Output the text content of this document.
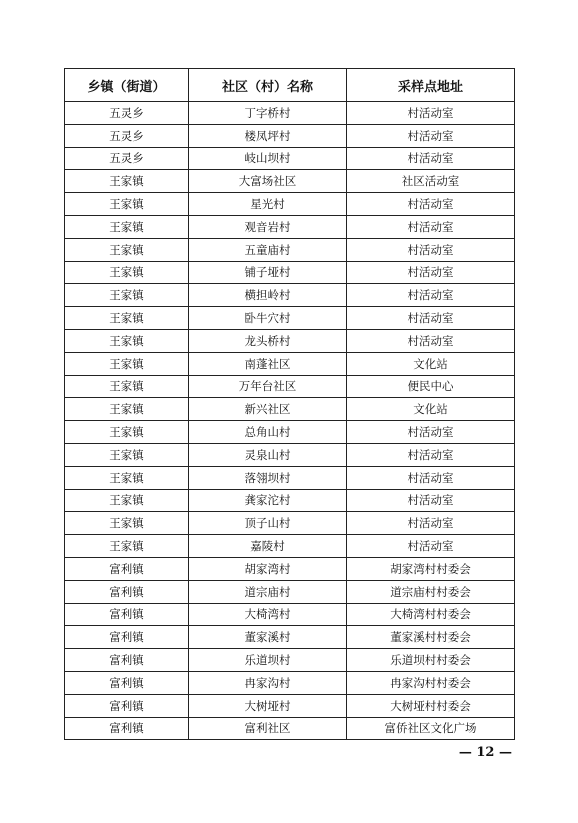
乡镇（街道）	社区（村）名称	采样点地址
五灵乡	丁字桥村	村活动室
五灵乡	楼凤坪村	村活动室
五灵乡	岐山坝村	村活动室
王家镇	大富场社区	社区活动室
王家镇	星光村	村活动室
王家镇	观音岩村	村活动室
王家镇	五童庙村	村活动室
王家镇	铺子垭村	村活动室
王家镇	横担岭村	村活动室
王家镇	卧牛穴村	村活动室
王家镇	龙头桥村	村活动室
王家镇	南蓬社区	文化站
王家镇	万年台社区	便民中心
王家镇	新兴社区	文化站
王家镇	总角山村	村活动室
王家镇	灵泉山村	村活动室
王家镇	落翎坝村	村活动室
王家镇	龚家沱村	村活动室
王家镇	顶子山村	村活动室
王家镇	嘉陵村	村活动室
富利镇	胡家湾村	胡家湾村村委会
富利镇	道宗庙村	道宗庙村村委会
富利镇	大椅湾村	大椅湾村村委会
富利镇	董家溪村	董家溪村村委会
富利镇	乐道坝村	乐道坝村村委会
富利镇	冉家沟村	冉家沟村村委会
富利镇	大树垭村	大树垭村村委会
富利镇	富利社区	富侨社区文化广场
— 12 —
